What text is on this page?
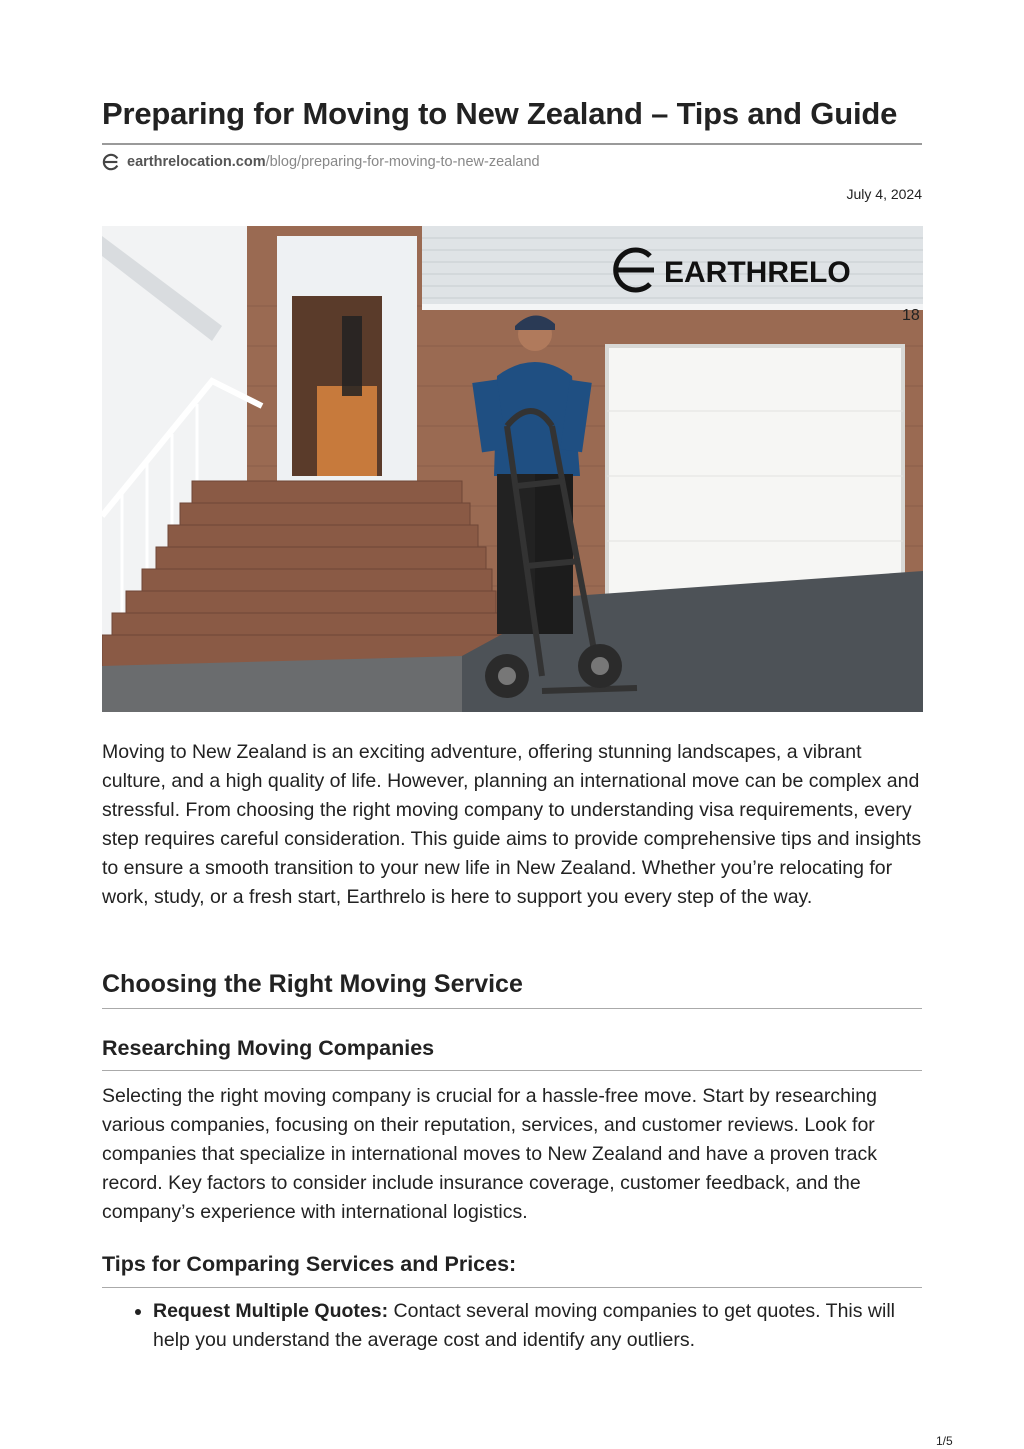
Preparing for Moving to New Zealand – Tips and Guide
earthrelocation.com/blog/preparing-for-moving-to-new-zealand
July 4, 2024
EARTHRELO
18

Moving to New Zealand is an exciting adventure, offering stunning landscapes, a vibrant culture, and a high quality of life. However, planning an international move can be complex and stressful. From choosing the right moving company to understanding visa requirements, every step requires careful consideration. This guide aims to provide comprehensive tips and insights to ensure a smooth transition to your new life in New Zealand. Whether you’re relocating for work, study, or a fresh start, Earthrelo is here to support you every step of the way.

Choosing the Right Moving Service
Researching Moving Companies

Selecting the right moving company is crucial for a hassle-free move. Start by researching various companies, focusing on their reputation, services, and customer reviews. Look for companies that specialize in international moves to New Zealand and have a proven track record. Key factors to consider include insurance coverage, customer feedback, and the company’s experience with international logistics.

Tips for Comparing Services and Prices:
Request Multiple Quotes: Contact several moving companies to get quotes. This will help you understand the average cost and identify any outliers.
1/5
